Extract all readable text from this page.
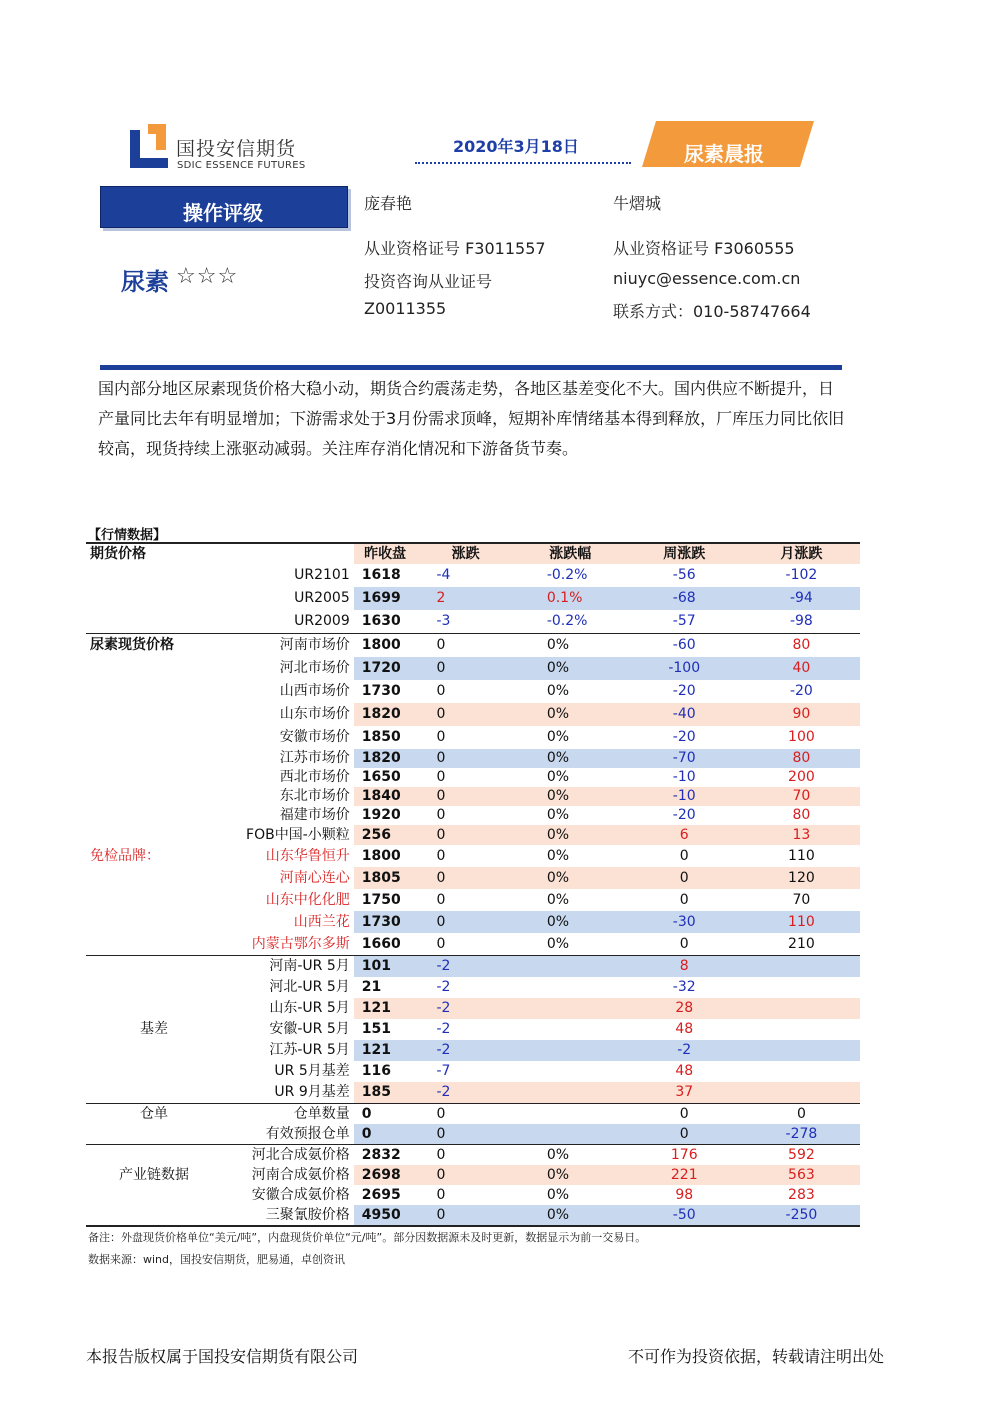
国投安信期货
SDIC ESSENCE FUTURES
2020年3月18日	尿素晨报
操作评级
尿素 ☆☆☆
庞春艳
从业资格证号 F3011557
投资咨询从业证号
Z0011355
牛熠城
从业资格证号 F3060555
niuyc@essence.com.cn
联系方式：010-58747664
国内部分地区尿素现货价格大稳小动，期货合约震荡走势，各地区基差变化不大。国内供应不断提升，日产量同比去年有明显增加；下游需求处于3月份需求顶峰，短期补库情绪基本得到释放，厂库压力同比依旧较高，现货持续上涨驱动减弱。关注库存消化情况和下游备货节奏。
【行情数据】
期货价格		昨收盘	涨跌	涨跌幅	周涨跌	月涨跌
	UR2101	1618	-4	-0.2%	-56	-102
	UR2005	1699	2	0.1%	-68	-94
	UR2009	1630	-3	-0.2%	-57	-98
尿素现货价格	河南市场价	1800	0	0%	-60	80
	河北市场价	1720	0	0%	-100	40
	山西市场价	1730	0	0%	-20	-20
	山东市场价	1820	0	0%	-40	90
	安徽市场价	1850	0	0%	-20	100
	江苏市场价	1820	0	0%	-70	80
	西北市场价	1650	0	0%	-10	200
	东北市场价	1840	0	0%	-10	70
	福建市场价	1920	0	0%	-20	80
	FOB中国-小颗粒	256	0	0%	6	13
免检品牌：	山东华鲁恒升	1800	0	0%	0	110
	河南心连心	1805	0	0%	0	120
	山东中化化肥	1750	0	0%	0	70
	山西兰花	1730	0	0%	-30	110
	内蒙古鄂尔多斯	1660	0	0%	0	210
	河南-UR 5月	101	-2		8	
	河北-UR 5月	21	-2		-32	
	山东-UR 5月	121	-2		28	
基差	安徽-UR 5月	151	-2		48	
	江苏-UR 5月	121	-2		-2	
	UR 5月基差	116	-7		48	
	UR 9月基差	185	-2		37	
仓单	仓单数量	0	0		0	0
	有效预报仓单	0	0		0	-278
	河北合成氨价格	2832	0	0%	176	592
产业链数据	河南合成氨价格	2698	0	0%	221	563
	安徽合成氨价格	2695	0	0%	98	283
	三聚氰胺价格	4950	0	0%	-50	-250
备注：外盘现货价格单位“美元/吨”，内盘现货价单位“元/吨”。部分因数据源未及时更新，数据显示为前一交易日。
数据来源：wind，国投安信期货，肥易通，卓创资讯
本报告版权属于国投安信期货有限公司	不可作为投资依据，转载请注明出处
